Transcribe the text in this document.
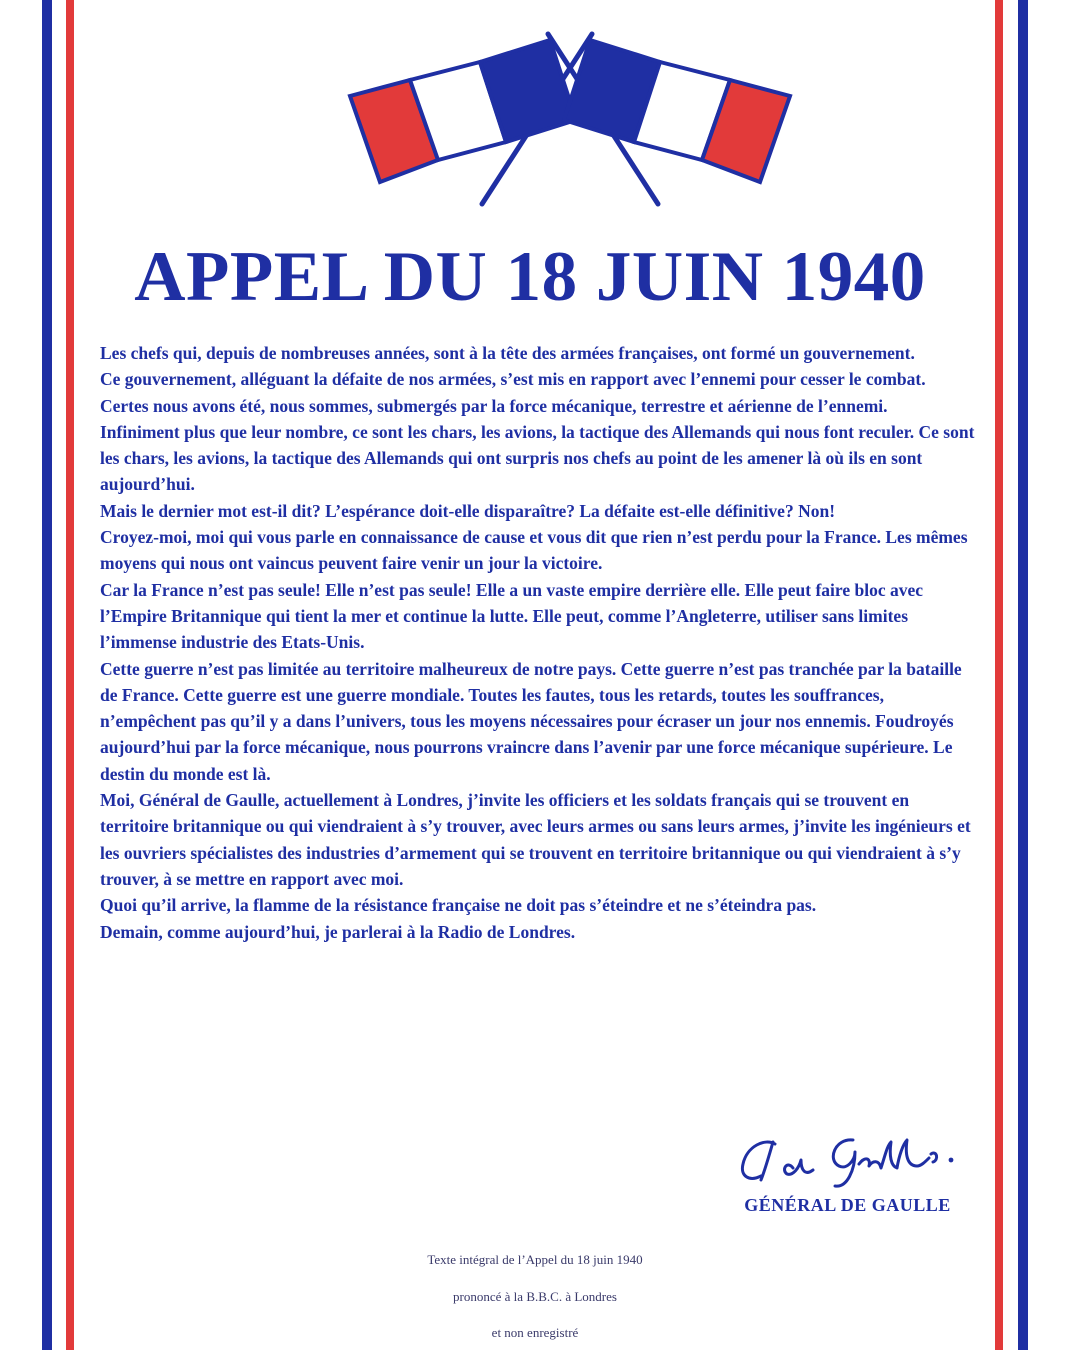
APPEL DU 18 JUIN 1940

Les chefs qui, depuis de nombreuses années, sont à la tête des armées françaises, ont formé un gouvernement.

Ce gouvernement, alléguant la défaite de nos armées, s’est mis en rapport avec l’ennemi pour cesser le combat.

Certes nous avons été, nous sommes, submergés par la force mécanique, terrestre et aérienne de l’ennemi.

Infiniment plus que leur nombre, ce sont les chars, les avions, la tactique des Allemands qui nous font reculer. Ce sont les chars, les avions, la tactique des Allemands qui ont surpris nos chefs au point de les amener là où ils en sont aujourd’hui.

Mais le dernier mot est-il dit? L’espérance doit-elle disparaître? La défaite est-elle définitive? Non!

Croyez-moi, moi qui vous parle en connaissance de cause et vous dit que rien n’est perdu pour la France. Les mêmes moyens qui nous ont vaincus peuvent faire venir un jour la victoire.

Car la France n’est pas seule! Elle n’est pas seule! Elle a un vaste empire derrière elle. Elle peut faire bloc avec l’Empire Britannique qui tient la mer et continue la lutte. Elle peut, comme l’Angleterre, utiliser sans limites l’immense industrie des Etats-Unis.

Cette guerre n’est pas limitée au territoire malheureux de notre pays. Cette guerre n’est pas tranchée par la bataille de France. Cette guerre est une guerre mondiale. Toutes les fautes, tous les retards, toutes les souffrances, n’empêchent pas qu’il y a dans l’univers, tous les moyens nécessaires pour écraser un jour nos ennemis. Foudroyés aujourd’hui par la force mécanique, nous pourrons vraincre dans l’avenir par une force mécanique supérieure. Le destin du monde est là.

Moi, Général de Gaulle, actuellement à Londres, j’invite les officiers et les soldats français qui se trouvent en territoire britannique ou qui viendraient à s’y trouver, avec leurs armes ou sans leurs armes, j’invite les ingénieurs et les ouvriers spécialistes des industries d’armement qui se trouvent en territoire britannique ou qui viendraient à s’y trouver, à se mettre en rapport avec moi.

Quoi qu’il arrive, la flamme de la résistance française ne doit pas s’éteindre et ne s’éteindra pas.

Demain, comme aujourd’hui, je parlerai à la Radio de Londres.

GÉNÉRAL DE GAULLE
Texte intégral de l’Appel du 18 juin 1940
prononcé à la B.B.C. à Londres
et non enregistré
